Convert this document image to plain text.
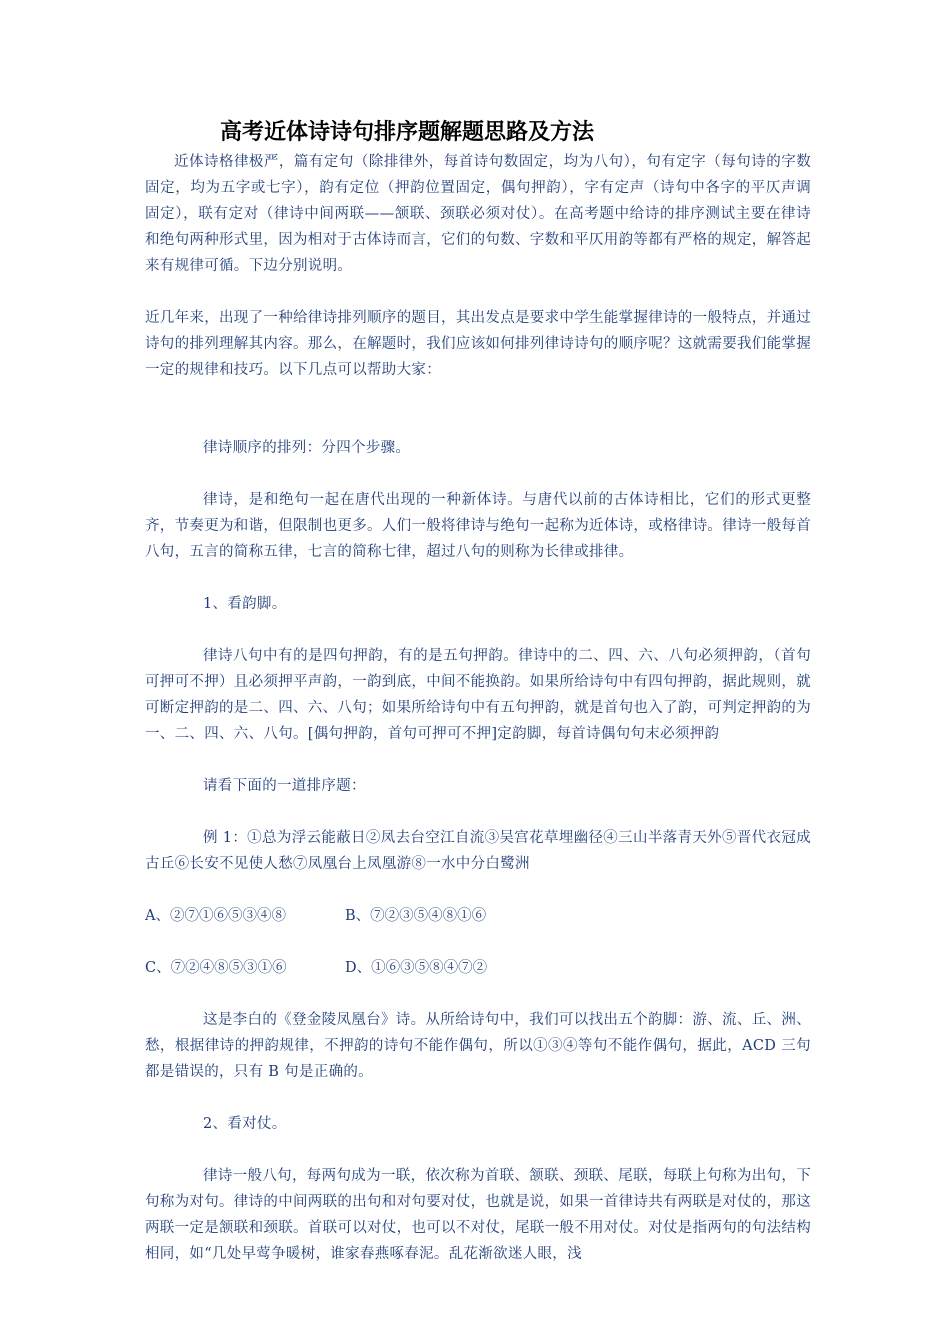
高考近体诗诗句排序题解题思路及方法

近体诗格律极严，篇有定句（除排律外，每首诗句数固定，均为八句），句有定字（每句诗的字数固定，均为五字或七字），韵有定位（押韵位置固定，偶句押韵），字有定声（诗句中各字的平仄声调固定），联有定对（律诗中间两联——颔联、颈联必须对仗）。在高考题中给诗的排序测试主要在律诗和绝句两种形式里，因为相对于古体诗而言，它们的句数、字数和平仄用韵等都有严格的规定，解答起来有规律可循。下边分别说明。

近几年来，出现了一种给律诗排列顺序的题目，其出发点是要求中学生能掌握律诗的一般特点，并通过诗句的排列理解其内容。那么，在解题时，我们应该如何排列律诗诗句的顺序呢？这就需要我们能掌握一定的规律和技巧。以下几点可以帮助大家：

律诗顺序的排列：分四个步骤。

律诗，是和绝句一起在唐代出现的一种新体诗。与唐代以前的古体诗相比，它们的形式更整齐，节奏更为和谐，但限制也更多。人们一般将律诗与绝句一起称为近体诗，或格律诗。律诗一般每首八句，五言的简称五律，七言的简称七律，超过八句的则称为长律或排律。

1、看韵脚。

律诗八句中有的是四句押韵，有的是五句押韵。律诗中的二、四、六、八句必须押韵，（首句可押可不押）且必须押平声韵，一韵到底，中间不能换韵。如果所给诗句中有四句押韵，据此规则，就可断定押韵的是二、四、六、八句；如果所给诗句中有五句押韵，就是首句也入了韵，可判定押韵的为一、二、四、六、八句。[偶句押韵，首句可押可不押]定韵脚，每首诗偶句句末必须押韵

请看下面的一道排序题：

例 1：①总为浮云能蔽日②凤去台空江自流③吴宫花草埋幽径④三山半落青天外⑤晋代衣冠成古丘⑥长安不见使人愁⑦凤凰台上凤凰游⑧一水中分白鹭洲

A、②⑦①⑥⑤③④⑧	B、⑦②③⑤④⑧①⑥
C、⑦②④⑧⑤③①⑥	D、①⑥③⑤⑧④⑦②

这是李白的《登金陵凤凰台》诗。从所给诗句中，我们可以找出五个韵脚：游、流、丘、洲、愁，根据律诗的押韵规律，不押韵的诗句不能作偶句，所以①③④等句不能作偶句，据此，ACD 三句都是错误的，只有 B 句是正确的。

2、看对仗。

律诗一般八句，每两句成为一联，依次称为首联、颔联、颈联、尾联，每联上句称为出句，下句称为对句。律诗的中间两联的出句和对句要对仗，也就是说，如果一首律诗共有两联是对仗的，那这两联一定是颔联和颈联。首联可以对仗，也可以不对仗，尾联一般不用对仗。对仗是指两句的句法结构相同，如“几处早莺争暖树，谁家春燕啄春泥。乱花渐欲迷人眼，浅
